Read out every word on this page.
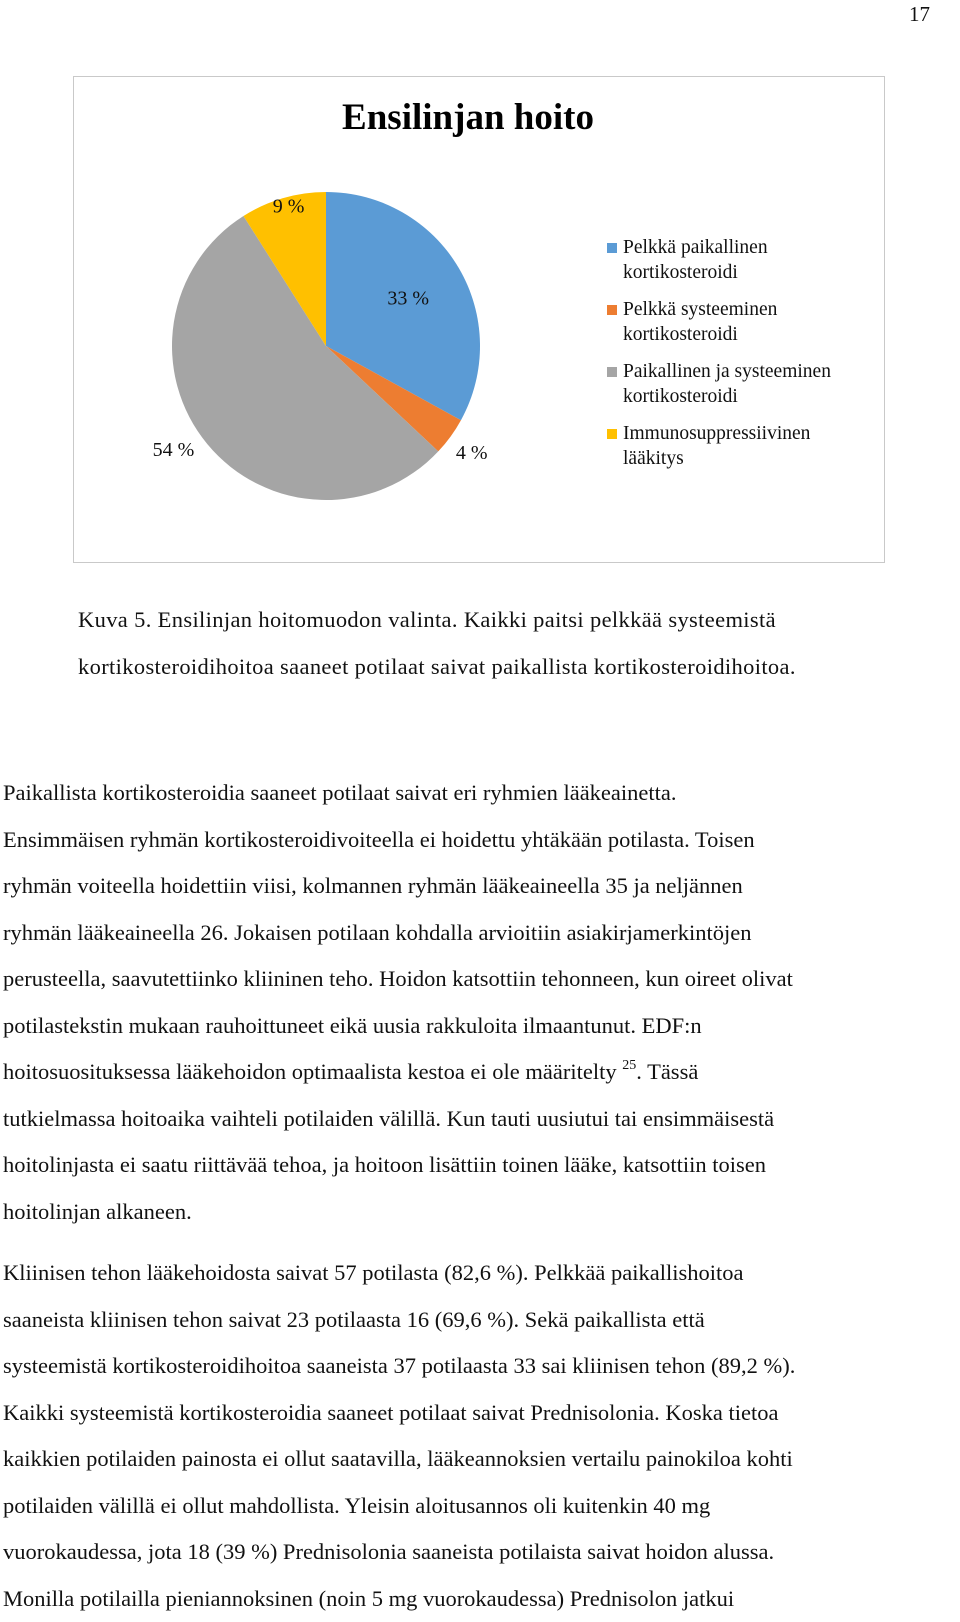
17
Ensilinjan hoito
33 %
4 %
54 %
9 %
Pelkkä paikallinen
kortikosteroidi
Pelkkä systeeminen
kortikosteroidi
Paikallinen ja systeeminen
kortikosteroidi
Immunosuppressiivinen
lääkitys
Kuva 5. Ensilinjan hoitomuodon valinta. Kaikki paitsi pelkkää systeemistä
kortikosteroidihoitoa saaneet potilaat saivat paikallista kortikosteroidihoitoa.

Paikallista kortikosteroidia saaneet potilaat saivat eri ryhmien lääkeainetta.

Ensimmäisen ryhmän kortikosteroidivoiteella ei hoidettu yhtäkään potilasta. Toisen

ryhmän voiteella hoidettiin viisi, kolmannen ryhmän lääkeaineella 35 ja neljännen

ryhmän lääkeaineella 26. Jokaisen potilaan kohdalla arvioitiin asiakirjamerkintöjen

perusteella, saavutettiinko kliininen teho. Hoidon katsottiin tehonneen, kun oireet olivat

potilastekstin mukaan rauhoittuneet eikä uusia rakkuloita ilmaantunut. EDF:n

hoitosuosituksessa lääkehoidon optimaalista kestoa ei ole määritelty $^{25}$. Tässä

tutkielmassa hoitoaika vaihteli potilaiden välillä. Kun tauti uusiutui tai ensimmäisestä

hoitolinjasta ei saatu riittävää tehoa, ja hoitoon lisättiin toinen lääke, katsottiin toisen

hoitolinjan alkaneen.

Kliinisen tehon lääkehoidosta saivat 57 potilasta (82,6 %). Pelkkää paikallishoitoa

saaneista kliinisen tehon saivat 23 potilaasta 16 (69,6 %). Sekä paikallista että

systeemistä kortikosteroidihoitoa saaneista 37 potilaasta 33 sai kliinisen tehon (89,2 %).

Kaikki systeemistä kortikosteroidia saaneet potilaat saivat Prednisolonia. Koska tietoa

kaikkien potilaiden painosta ei ollut saatavilla, lääkeannoksien vertailu painokiloa kohti

potilaiden välillä ei ollut mahdollista. Yleisin aloitusannos oli kuitenkin 40 mg

vuorokaudessa, jota 18 (39 %) Prednisolonia saaneista potilaista saivat hoidon alussa.

Monilla potilailla pieniannoksinen (noin 5 mg vuorokaudessa) Prednisolon jatkui
